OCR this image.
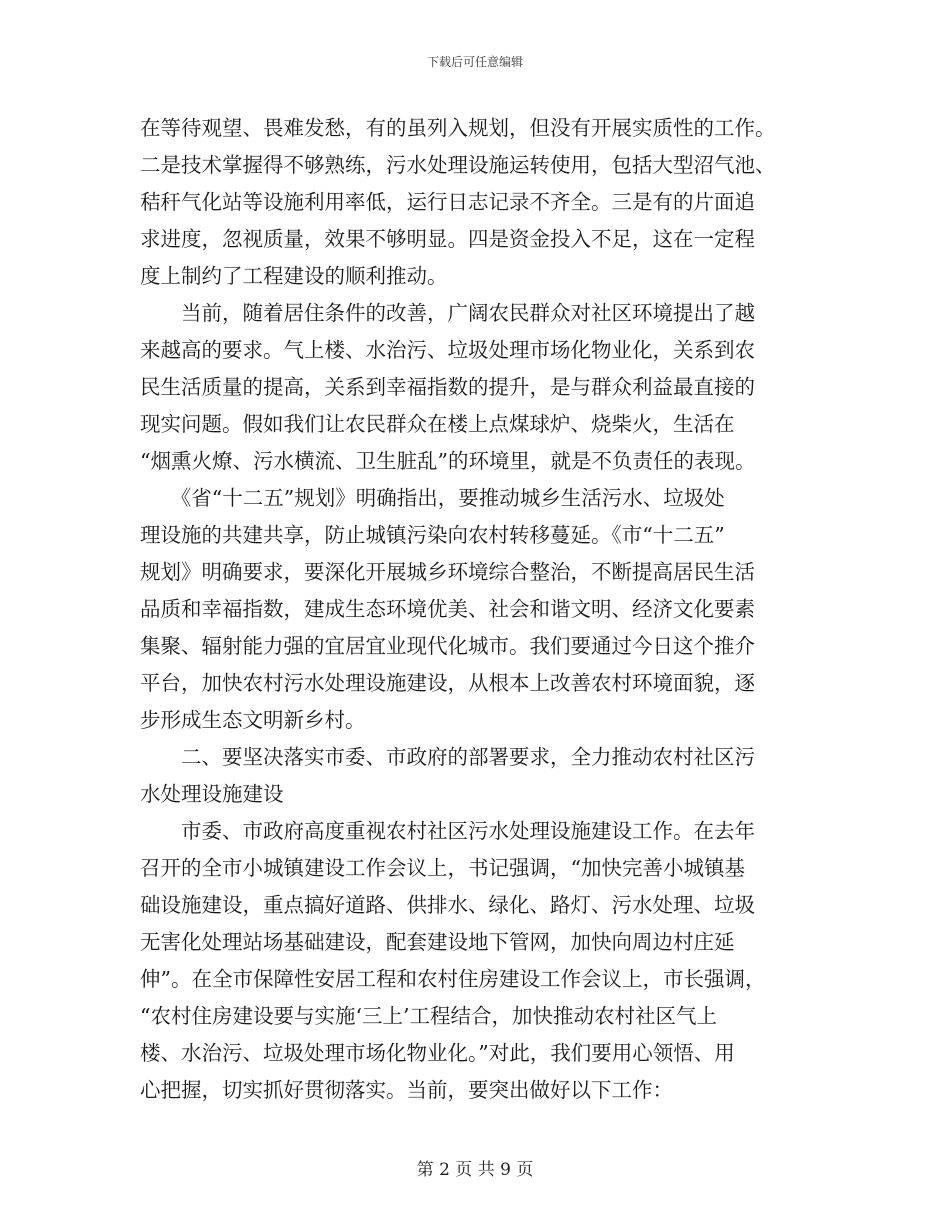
下载后可任意编辑
在等待观望、畏难发愁，有的虽列入规划，但没有开展实质性的工作。
二是技术掌握得不够熟练，污水处理设施运转使用，包括大型沼气池、
秸秆气化站等设施利用率低，运行日志记录不齐全。三是有的片面追
求进度，忽视质量，效果不够明显。四是资金投入不足，这在一定程
度上制约了工程建设的顺利推动。
　　当前，随着居住条件的改善，广阔农民群众对社区环境提出了越
来越高的要求。气上楼、水治污、垃圾处理市场化物业化，关系到农
民生活质量的提高，关系到幸福指数的提升，是与群众利益最直接的
现实问题。假如我们让农民群众在楼上点煤球炉、烧柴火，生活在
“烟熏火燎、污水横流、卫生脏乱”的环境里，就是不负责任的表现。
　　《省“十二五”规划》明确指出，要推动城乡生活污水、垃圾处
理设施的共建共享，防止城镇污染向农村转移蔓延。《市“十二五”
规划》明确要求，要深化开展城乡环境综合整治，不断提高居民生活
品质和幸福指数，建成生态环境优美、社会和谐文明、经济文化要素
集聚、辐射能力强的宜居宜业现代化城市。我们要通过今日这个推介
平台，加快农村污水处理设施建设，从根本上改善农村环境面貌，逐
步形成生态文明新乡村。
　　二、要坚决落实市委、市政府的部署要求，全力推动农村社区污
水处理设施建设
　　市委、市政府高度重视农村社区污水处理设施建设工作。在去年
召开的全市小城镇建设工作会议上，书记强调，“加快完善小城镇基
础设施建设，重点搞好道路、供排水、绿化、路灯、污水处理、垃圾
无害化处理站场基础建设，配套建设地下管网，加快向周边村庄延
伸”。在全市保障性安居工程和农村住房建设工作会议上，市长强调，
“农村住房建设要与实施‘三上’工程结合，加快推动农村社区气上
楼、水治污、垃圾处理市场化物业化。”对此，我们要用心领悟、用
心把握，切实抓好贯彻落实。当前，要突出做好以下工作：
第 2 页 共 9 页
